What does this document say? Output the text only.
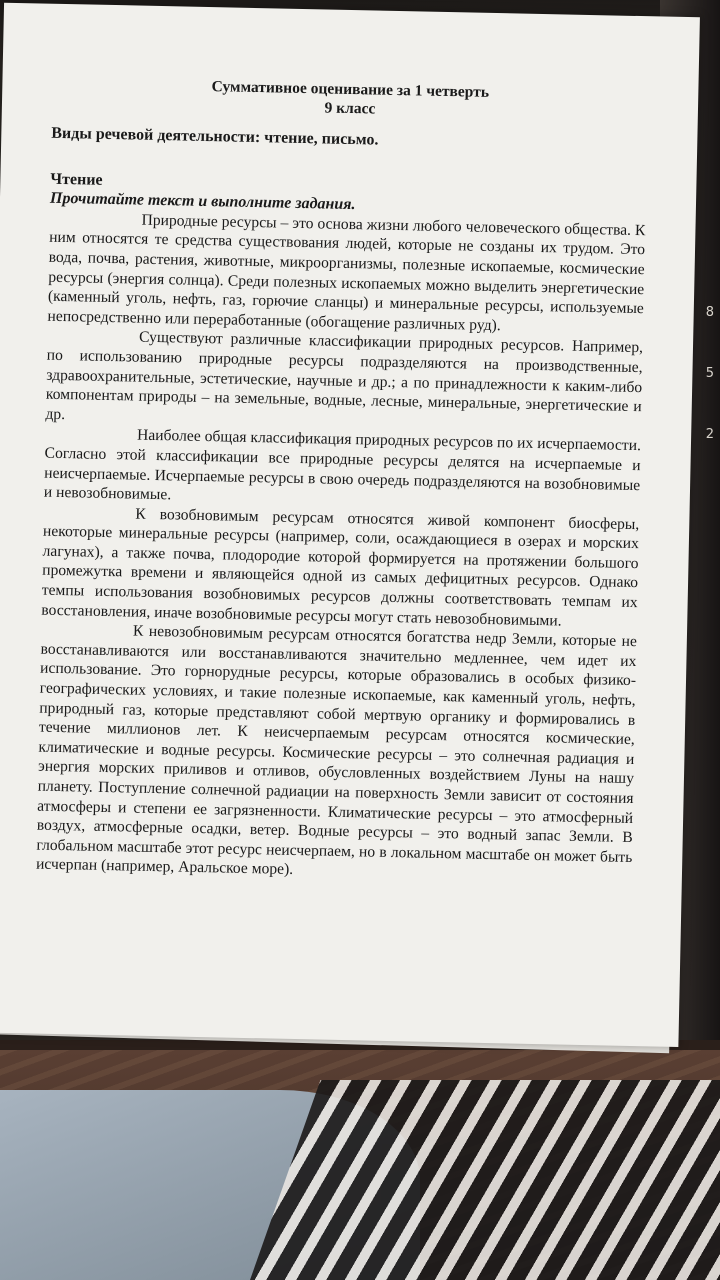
8
5
2
Суммативное оценивание за 1 четверть
9 класс
Виды речевой деятельности: чтение, письмо.
Чтение
Прочитайте текст и выполните задания.

Природные ресурсы – это основа жизни любого человеческого общества. К ним относятся те средства существования людей, которые не созданы их трудом. Это вода, почва, растения, животные, микроорганизмы, полезные ископаемые, космические ресурсы (энергия солнца). Среди полезных ископаемых можно выделить энергетические (каменный уголь, нефть, газ, горючие сланцы) и минеральные ресурсы, используемые непосредственно или переработанные (обогащение различных руд).

Существуют различные классификации природных ресурсов. Например, по использованию природные ресурсы подразделяются на производственные, здравоохранительные, эстетические, научные и др.; а по принадлежности к каким-либо компонентам природы – на земельные, водные, лесные, минеральные, энергетические и др.

Наиболее общая классификация природных ресурсов по их исчерпаемости. Согласно этой классификации все природные ресурсы делятся на исчерпаемые и неисчерпаемые. Исчерпаемые ресурсы в свою очередь подразделяются на возобновимые и невозобновимые.

К возобновимым ресурсам относятся живой компонент биосферы, некоторые минеральные ресурсы (например, соли, осаждающиеся в озерах и морских лагунах), а также почва, плодородие которой формируется на протяжении большого промежутка времени и являющейся одной из самых дефицитных ресурсов. Однако темпы использования возобновимых ресурсов должны соответствовать темпам их восстановления, иначе возобновимые ресурсы могут стать невозобновимыми.

К невозобновимым ресурсам относятся богатства недр Земли, которые не восстанавливаются или восстанавливаются значительно медленнее, чем идет их использование. Это горнорудные ресурсы, которые образовались в особых физико-географических условиях, и такие полезные ископаемые, как каменный уголь, нефть, природный газ, которые представляют собой мертвую органику и формировались в течение миллионов лет. К неисчерпаемым ресурсам относятся космические, климатические и водные ресурсы. Космические ресурсы – это солнечная радиация и энергия морских приливов и отливов, обусловленных воздействием Луны на нашу планету. Поступление солнечной радиации на поверхность Земли зависит от состояния атмосферы и степени ее загрязненности. Климатические ресурсы – это атмосферный воздух, атмосферные осадки, ветер. Водные ресурсы – это водный запас Земли. В глобальном масштабе этот ресурс неисчерпаем, но в локальном масштабе он может быть исчерпан (например, Аральское море).
